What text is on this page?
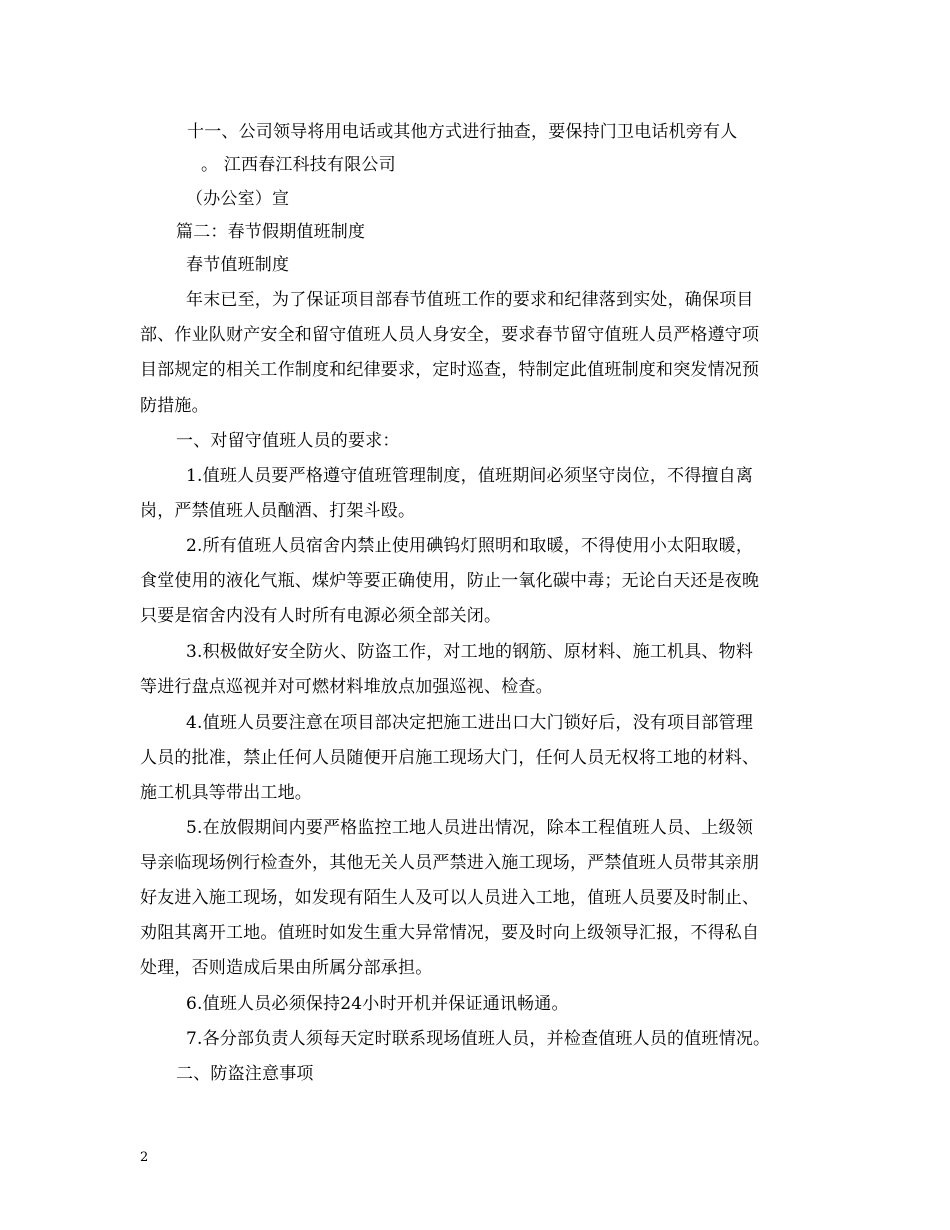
十一、公司领导将用电话或其他方式进行抽查，要保持门卫电话机旁有人
。 江西春江科技有限公司
（办公室）宣
篇二：春节假期值班制度
春节值班制度
年末已至，为了保证项目部春节值班工作的要求和纪律落到实处，确保项目
部、作业队财产安全和留守值班人员人身安全，要求春节留守值班人员严格遵守项
目部规定的相关工作制度和纪律要求，定时巡查，特制定此值班制度和突发情况预
防措施。
一、对留守值班人员的要求：
1.值班人员要严格遵守值班管理制度，值班期间必须坚守岗位，不得擅自离
岗，严禁值班人员酗酒、打架斗殴。
2.所有值班人员宿舍内禁止使用碘钨灯照明和取暖，不得使用小太阳取暖，
食堂使用的液化气瓶、煤炉等要正确使用，防止一氧化碳中毒；无论白天还是夜晚
只要是宿舍内没有人时所有电源必须全部关闭。
3.积极做好安全防火、防盗工作，对工地的钢筋、原材料、施工机具、物料
等进行盘点巡视并对可燃材料堆放点加强巡视、检查。
4.值班人员要注意在项目部决定把施工进出口大门锁好后，没有项目部管理
人员的批准，禁止任何人员随便开启施工现场大门，任何人员无权将工地的材料、
施工机具等带出工地。
5.在放假期间内要严格监控工地人员进出情况，除本工程值班人员、上级领
导亲临现场例行检查外，其他无关人员严禁进入施工现场，严禁值班人员带其亲朋
好友进入施工现场，如发现有陌生人及可以人员进入工地，值班人员要及时制止、
劝阻其离开工地。值班时如发生重大异常情况，要及时向上级领导汇报，不得私自
处理，否则造成后果由所属分部承担。
6.值班人员必须保持24小时开机并保证通讯畅通。
7.各分部负责人须每天定时联系现场值班人员，并检查值班人员的值班情况。
二、防盗注意事项
2
